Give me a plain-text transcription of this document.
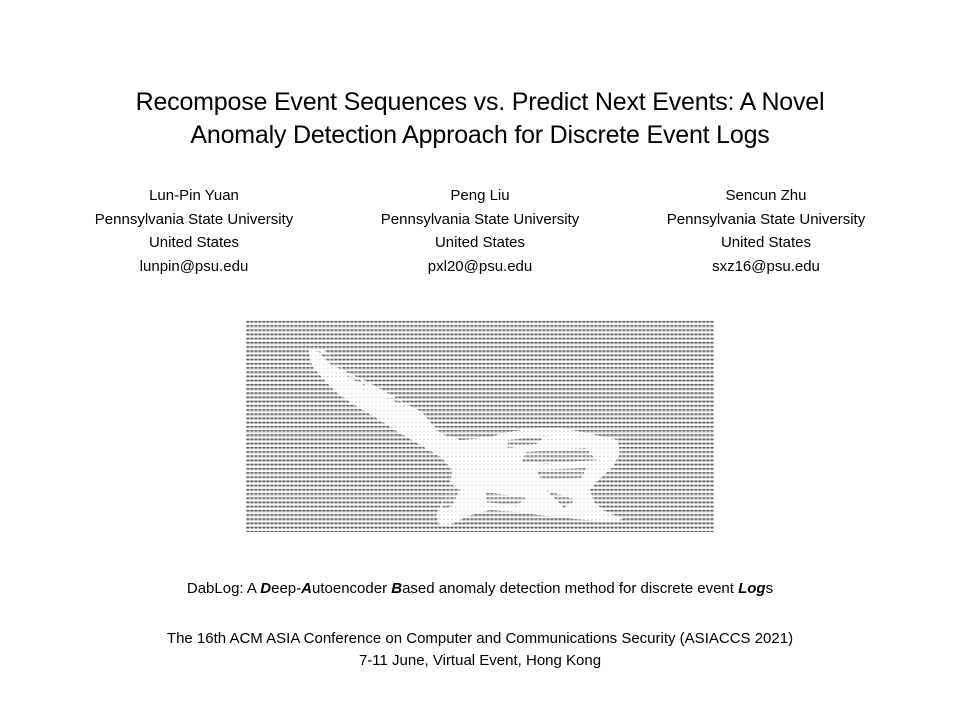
Recompose Event Sequences vs. Predict Next Events: A Novel
Anomaly Detection Approach for Discrete Event Logs
Lun-Pin Yuan
Pennsylvania State University
United States
lunpin@psu.edu
Peng Liu
Pennsylvania State University
United States
pxl20@psu.edu
Sencun Zhu
Pennsylvania State University
United States
sxz16@psu.edu
DabLog: A Deep-Autoencoder Based anomaly detection method for discrete event Logs
The 16th ACM ASIA Conference on Computer and Communications Security (ASIACCS 2021)
7-11 June, Virtual Event, Hong Kong
